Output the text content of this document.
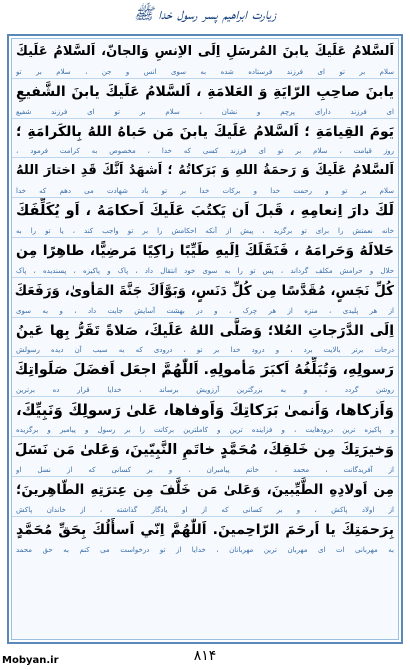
زیارت ابراهیم پسر رسول خدا ﷺ
اَلسَّلامُ عَلَيكَ يابنَ المُرسَلِ اِلَى الاِنسِ وَالجانّ، اَلسَّلامُ عَلَيكَ
سلام بر تو ای فرزند فرستاده شده به سوی انس و جن ، سلام بر تو
يابنَ صاحِبِ الرّايَةِ وَ العَلامَةِ ، اَلسَّلامُ عَلَيكَ يابنَ الشَّفيعِ
ای فرزند دارای پرچم و نشان ، سلام بر تو ای فرزند شفیع
يَومَ القِيامَةِ ؛ اَلسَّلامُ عَلَيكَ يابنَ مَن حَباهُ اللهُ بِالكَرامَةِ ؛
روز قیامت ، سلام بر تو ای فرزند کسی که خدا ، مخصوص به کرامت فرمود ،
اَلسَّلامُ عَلَيكَ وَ رَحمَةُ اللهِ وَ بَرَكاتُهُ ؛ اَشهَدُ اَنَّكَ قَدِ اختارَ اللهُ
سلام بر تو و رحمت خدا و برکات خدا بر تو باد شهادت می دهم که خدا
لَكَ دارَ اِنعامِهِ ، قَبلَ اَن يَكتُبَ عَلَيكَ اَحكامَهُ ، اَو يُكَلِّفَكَ
خانه نعمتش را برای تو برگزید ، پیش از آنکه احکامش را بر تو واجب کند ، یا تو را به
حَلالَهُ وَحَرامَهُ ، فَنَقَلَكَ اِلَيهِ طَيِّبًا زاكِيًا مَرضِيًّا، طاهِرًا مِن
حلال و حرامش مکلف گرداند ، پس تو را به سوی خود انتقال داد ، پاک و پاکیزه ، پسندیده ، پاک
كُلِّ نَجَسٍ، مُقَدَّسًا مِن كُلِّ دَنَسٍ، وَبَوَّاَكَ جَنَّةَ المَأوىٰ، وَرَفَعَكَ
از هر پلیدی ، منزه از هر چرک ، و در بهشت آسایش جایت داد ، و به سوی
اِلَى الدَّرَجاتِ العُلا؛ وَصَلَّى اللهُ عَلَيكَ، صَلاةً تَقَرُّ بِها عَينُ
درجات برتر بالایت برد ، و درود خدا بر تو ، درودی که به سبب آن دیده رسولش
رَسولِهِ، وَتُبَلِّغُهُ اَكبَرَ مَأمولِهِ. اَللّٰهُمَّ اجعَل اَفضَلَ صَلَواتِكَ
روشن گردد ، و به بزرگترین آرزویش برساند ، خدایا قرار ده برترین
وَاَزكاها، وَاَنمىٰ بَرَكاتِكَ وَاَوفاها، عَلىٰ رَسولِكَ وَنَبِيِّكَ،
و پاکیزه ترین درودهایت ، و فزاینده ترین و کاملترین برکاتت را بر رسول و پیامبر و برگزیده
وَخيرَتِكَ مِن خَلقِكَ، مُحَمَّدٍ خاتَمِ النَّبِيّينَ، وَعَلىٰ مَن نَسَلَ
از آفریدگانت ، محمد ، خاتم پیامبران ، و بر کسانی که از نسل او
مِن اَولادِهِ الطَّيِّبينَ، وَعَلىٰ مَن خَلَّفَ مِن عِترَتِهِ الطّاهِرينَ؛
از اولاد پاکش ، و بر کسانی که از او یادگار گذاشته ، از خاندان پاکش
بِرَحمَتِكَ يا اَرحَمَ الرّاحِمينَ. اَللّٰهُمَّ اِنّي اَسأَلُكَ بِحَقِّ مُحَمَّدٍ
به مهربانی ات ای مهربان ترین مهربانان ، خدایا از تو درخواست می کنم به حق محمد
۸۱۴
Mobyan.ir
